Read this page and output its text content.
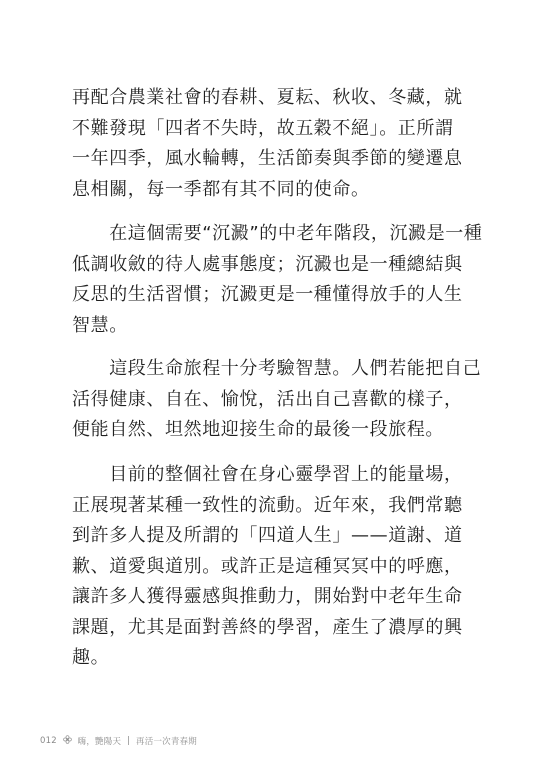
再配合農業社會的春耕、夏耘、秋收、冬藏，就
不難發現「四者不失時，故五穀不絕」。正所謂
一年四季，風水輪轉，生活節奏與季節的變遷息
息相關，每一季都有其不同的使命。
　　在這個需要“沉澱”的中老年階段，沉澱是一種
低調收斂的待人處事態度；沉澱也是一種總結與
反思的生活習慣；沉澱更是一種懂得放手的人生
智慧。
　　這段生命旅程十分考驗智慧。人們若能把自己
活得健康、自在、愉悅，活出自己喜歡的樣子，
便能自然、坦然地迎接生命的最後一段旅程。
　　目前的整個社會在身心靈學習上的能量場，
正展現著某種一致性的流動。近年來，我們常聽
到許多人提及所謂的「四道人生」——道謝、道
歉、道愛與道別。或許正是這種冥冥中的呼應，
讓許多人獲得靈感與推動力，開始對中老年生命
課題，尤其是面對善終的學習，產生了濃厚的興
趣。
012 嗨，艷陽天 | 再活一次青春期
